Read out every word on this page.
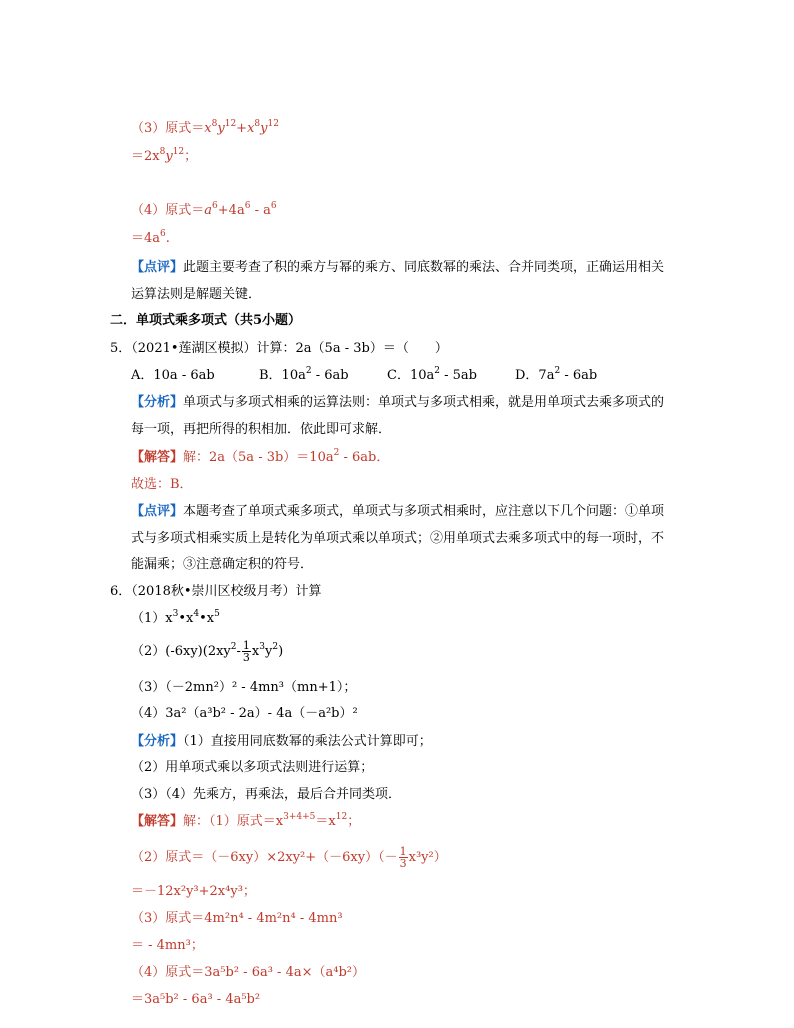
（3）原式$=x^8y^{12}+x^8y^{12}$
$=2x^8y^{12}$；
（4）原式$=a^6+4a^6 - a^6$
$=4a^6$.
【点评】此题主要考查了积的乘方与幂的乘方、同底数幂的乘法、合并同类项，正确运用相关
运算法则是解题关键．
二．单项式乘多项式（共5小题）
5．（2021•莲湖区模拟）计算：2a（5a - 3b）＝（　　）
A．10a - 6ab	B．$10a^2 - 6ab$	C．$10a^2 - 5ab$	D．$7a^2 - 6ab$
【分析】单项式与多项式相乘的运算法则：单项式与多项式相乘，就是用单项式去乘多项式的
每一项，再把所得的积相加．依此即可求解．
【解答】解：$2a(5a - 3b)=10a^2 - 6ab$．
故选：B．
【点评】本题考查了单项式乘多项式，单项式与多项式相乘时，应注意以下几个问题：①单项
式与多项式相乘实质上是转化为单项式乘以单项式；②用单项式去乘多项式中的每一项时，不
能漏乘；③注意确定积的符号．
6．（2018秋•崇川区校级月考）计算
$(1)x^3•x^4•x^5$
$(2)(-6xy)(2xy^2- \frac{1}{3} x^3y^2)$
（3）（－2mn²）² - 4mn³（mn+1）；
（4）3a²（a³b² - 2a）- 4a（－a²b）²
【分析】（1）直接用同底数幂的乘法公式计算即可；
（2）用单项式乘以多项式法则进行运算；
（3）（4）先乘方，再乘法，最后合并同类项．
【解答】解：（1）原式$=x^{3+4+5}=x^{12}$；
（2）原式$=(-6xy)\times 2xy^2+(-6xy)(- \frac{1}{3} x^3y^2)$
＝－12x²y³+2x⁴y³；
（3）原式＝4m²n⁴ - 4m²n⁴ - 4mn³
＝ - 4mn³；
（4）原式＝3a⁵b² - 6a³ - 4a×（a⁴b²）
＝3a⁵b² - 6a³ - 4a⁵b²
